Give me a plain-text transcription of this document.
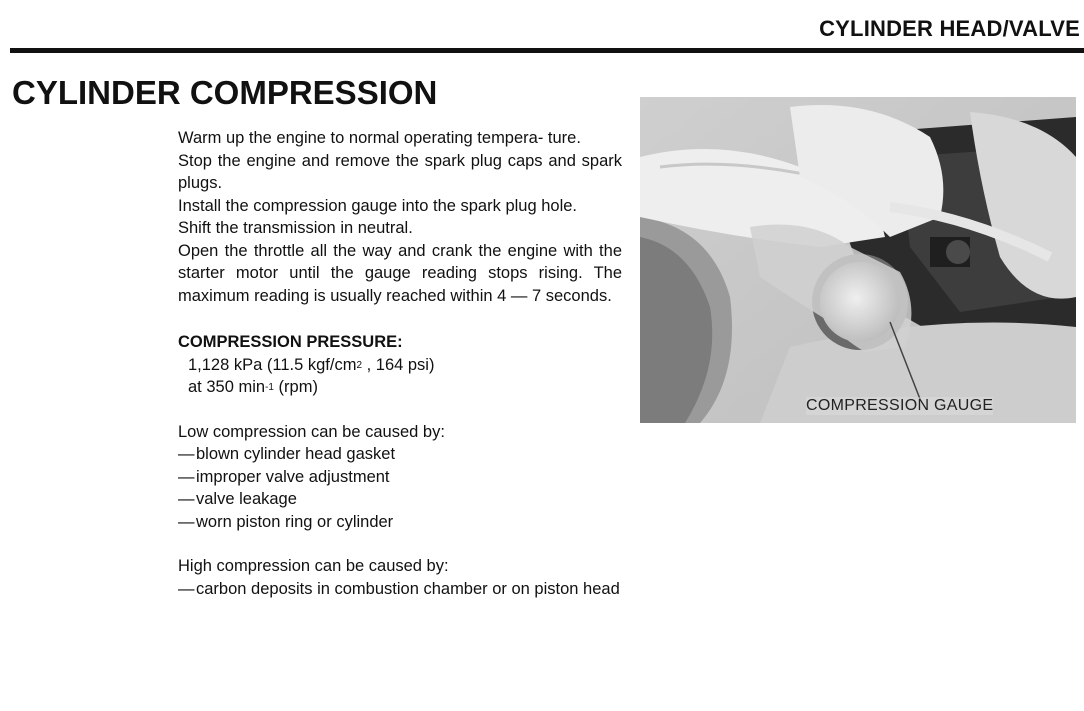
CYLINDER HEAD/VALVE
CYLINDER COMPRESSION

Warm up the engine to normal operating tempera- ture.

Stop the engine and remove the spark plug caps and spark plugs.

Install the compression gauge into the spark plug hole.

Shift the transmission in neutral.

Open the throttle all the way and crank the engine with the starter motor until the gauge reading stops rising. The maximum reading is usually reached within 4 — 7 seconds.

COMPRESSION PRESSURE:

1,128 kPa (11.5 kgf/$cm^2$ , 164 psi)

at 350 $\min^{-1} (rpm)$

Low compression can be caused by:

—blown cylinder head gasket
—improper valve adjustment
—valve leakage
—worn piston ring or cylinder

High compression can be caused by:

—carbon deposits in combustion chamber or on piston head
COMPRESSION GAUGE
